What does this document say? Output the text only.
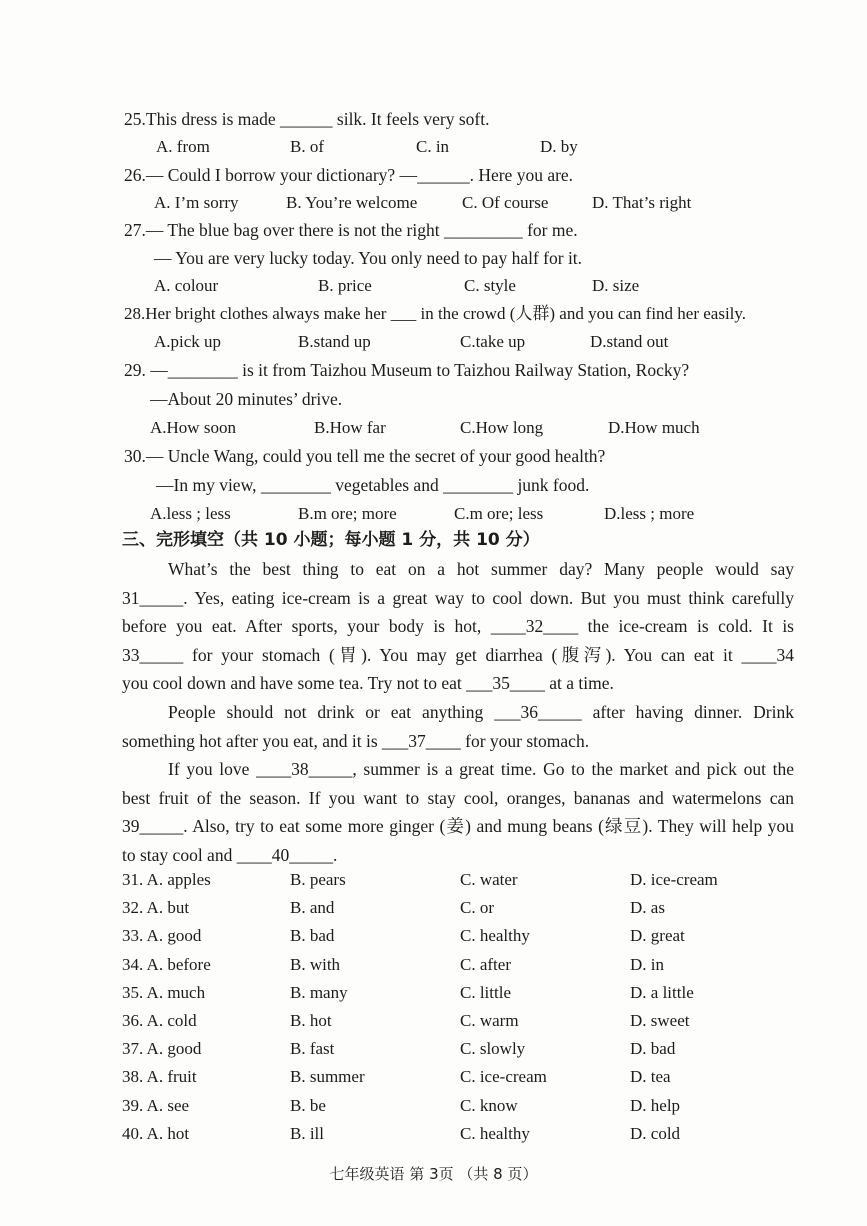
25.This dress is made ______ silk. It feels very soft.
A. from	B. of	C. in	D. by
26.— Could I borrow your dictionary? —______. Here you are.
A. I’m sorry	B. You’re welcome	C. Of course	D. That’s right
27.— The blue bag over there is not the right _________ for me.
— You are very lucky today. You only need to pay half for it.
A. colour	B. price	C. style	D. size
28.Her bright clothes always make her ___ in the crowd (人群) and you can find her easily.
A.pick up	B.stand up	C.take up	D.stand out
29. —________ is it from Taizhou Museum to Taizhou Railway Station, Rocky?
—About 20 minutes’ drive.
A.How soon	B.How far	C.How long	D.How much
30.— Uncle Wang, could you tell me the secret of your good health?
—In my view, ________ vegetables and ________ junk food.
A.less ; less	B.m ore; more	C.m ore; less	D.less ; more
三、完形填空（共 10 小题；每小题 1 分，共 10 分）
What’s the best thing to eat on a hot summer day? Many people would say
31_____. Yes, eating ice-cream is a great way to cool down. But you must think carefully
before you eat. After sports, your body is hot, ____32____ the ice-cream is cold. It is
33_____ for your stomach (胃). You may get diarrhea (腹泻). You can eat it ____34
you cool down and have some tea. Try not to eat ___35____ at a time.
People should not drink or eat anything ___36_____ after having dinner. Drink
something hot after you eat, and it is ___37____ for your stomach.
If you love ____38_____, summer is a great time. Go to the market and pick out the
best fruit of the season. If you want to stay cool, oranges, bananas and watermelons can
39_____. Also, try to eat some more ginger (姜) and mung beans (绿豆). They will help you
to stay cool and ____40_____.
31. A. apples	B. pears	C. water	D. ice-cream
32. A. but	B. and	C. or	D. as
33. A. good	B. bad	C. healthy	D. great
34. A. before	B. with	C. after	D. in
35. A. much	B. many	C. little	D. a little
36. A. cold	B. hot	C. warm	D. sweet
37. A. good	B. fast	C. slowly	D. bad
38. A. fruit	B. summer	C. ice-cream	D. tea
39. A. see	B. be	C. know	D. help
40. A. hot	B. ill	C. healthy	D. cold
七年级英语 第 3页 （共 8 页）
